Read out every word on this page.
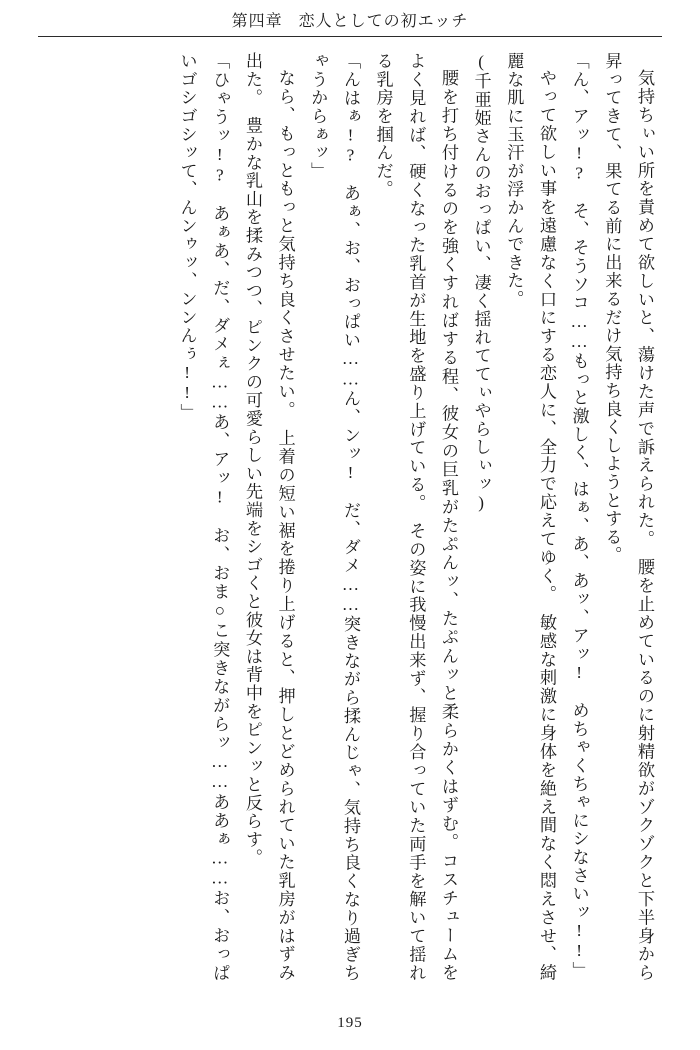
第四章 恋人としての初エッチ

気持ちぃい所を責めて欲しいと、蕩けた声で訴えられた。　腰を止めているのに射精欲がゾクゾクと下半身から昇ってきて、果てる前に出来るだけ気持ち良くしようとする。

「ん、アッ!?　そ、そうソコ……もっと激しく、はぁ、あ、あッ、アッ!　めちゃくちゃにシなさいッ!!」

やって欲しい事を遠慮なく口にする恋人に、全力で応えてゆく。　敏感な刺激に身体を絶え間なく悶えさせ、綺麗な肌に玉汗が浮かんできた。

(千亜姫さんのおっぱい、凄く揺れててぃやらしぃッ)

腰を打ち付けるのを強くすればする程、彼女の巨乳がたぷんッ、たぷんッと柔らかくはずむ。コスチュームをよく見れば、硬くなった乳首が生地を盛り上げている。　その姿に我慢出来ず、握り合っていた両手を解いて揺れる乳房を掴んだ。

「んはぁ!?　あぁ、お、おっぱい……ん、ンッ!　だ、ダメ……突きながら揉んじゃ、気持ち良くなり過ぎちゃうからぁッ」

なら、もっともっと気持ち良くさせたい。　上着の短い裾を捲り上げると、押しとどめられていた乳房がはずみ出た。　豊かな乳山を揉みつつ、ピンクの可愛らしい先端をシゴくと彼女は背中をピンッと反らす。

「ひゃうッ!?　あぁあ、だ、ダメぇ……あ、アッ!　お、おま○こ突きながらッ……ああぁ……お、おっぱいゴシゴシッて、んンゥッ、ンンんぅ!!」

195
